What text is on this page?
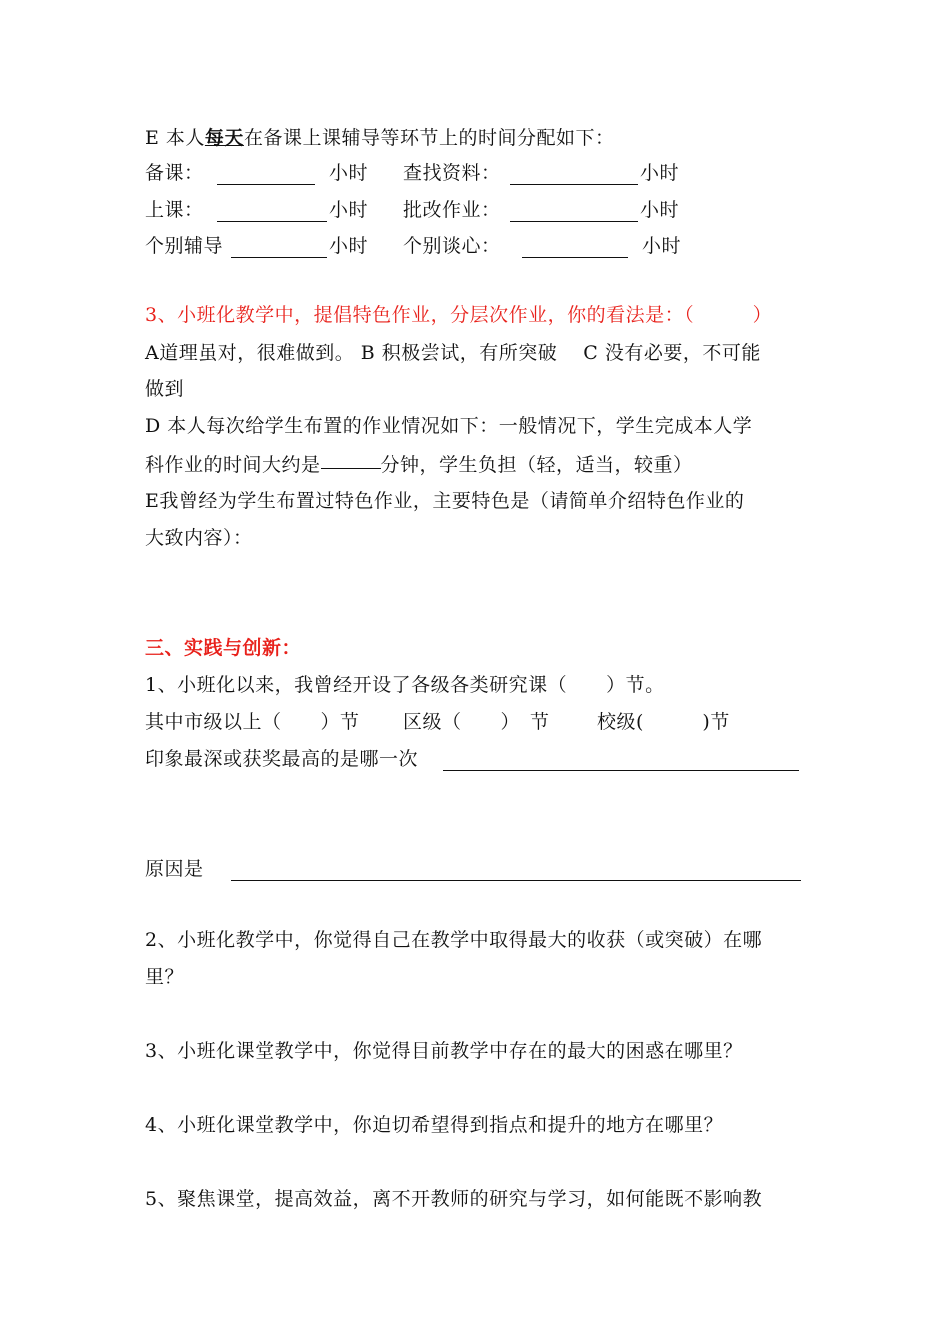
E 本人每天在备课上课辅导等环节上的时间分配如下：
备课：	小时 查找资料：	小时
上课：	小时 批改作业：	小时
个别辅导	小时 个别谈心：	小时
3、小班化教学中，提倡特色作业，分层次作业，你的看法是：（　　　）
A道理虽对，很难做到。 B 积极尝试，有所突破　 C 没有必要，不可能
做到
D 本人每次给学生布置的作业情况如下：一般情况下，学生完成本人学
科作业的时间大约是	分钟，学生负担（轻，适当，较重）
E我曾经为学生布置过特色作业，主要特色是（请简单介绍特色作业的
大致内容）：
三、实践与创新：
1、小班化以来，我曾经开设了各级各类研究课（　　）节。
其中市级以上（　　）节 区级（　　）　节 校级(　　　)节
印象最深或获奖最高的是哪一次
原因是
2、小班化教学中，你觉得自己在教学中取得最大的收获（或突破）在哪
里？
3、小班化课堂教学中，你觉得目前教学中存在的最大的困惑在哪里？
4、小班化课堂教学中，你迫切希望得到指点和提升的地方在哪里？
5、聚焦课堂，提高效益，离不开教师的研究与学习，如何能既不影响教
